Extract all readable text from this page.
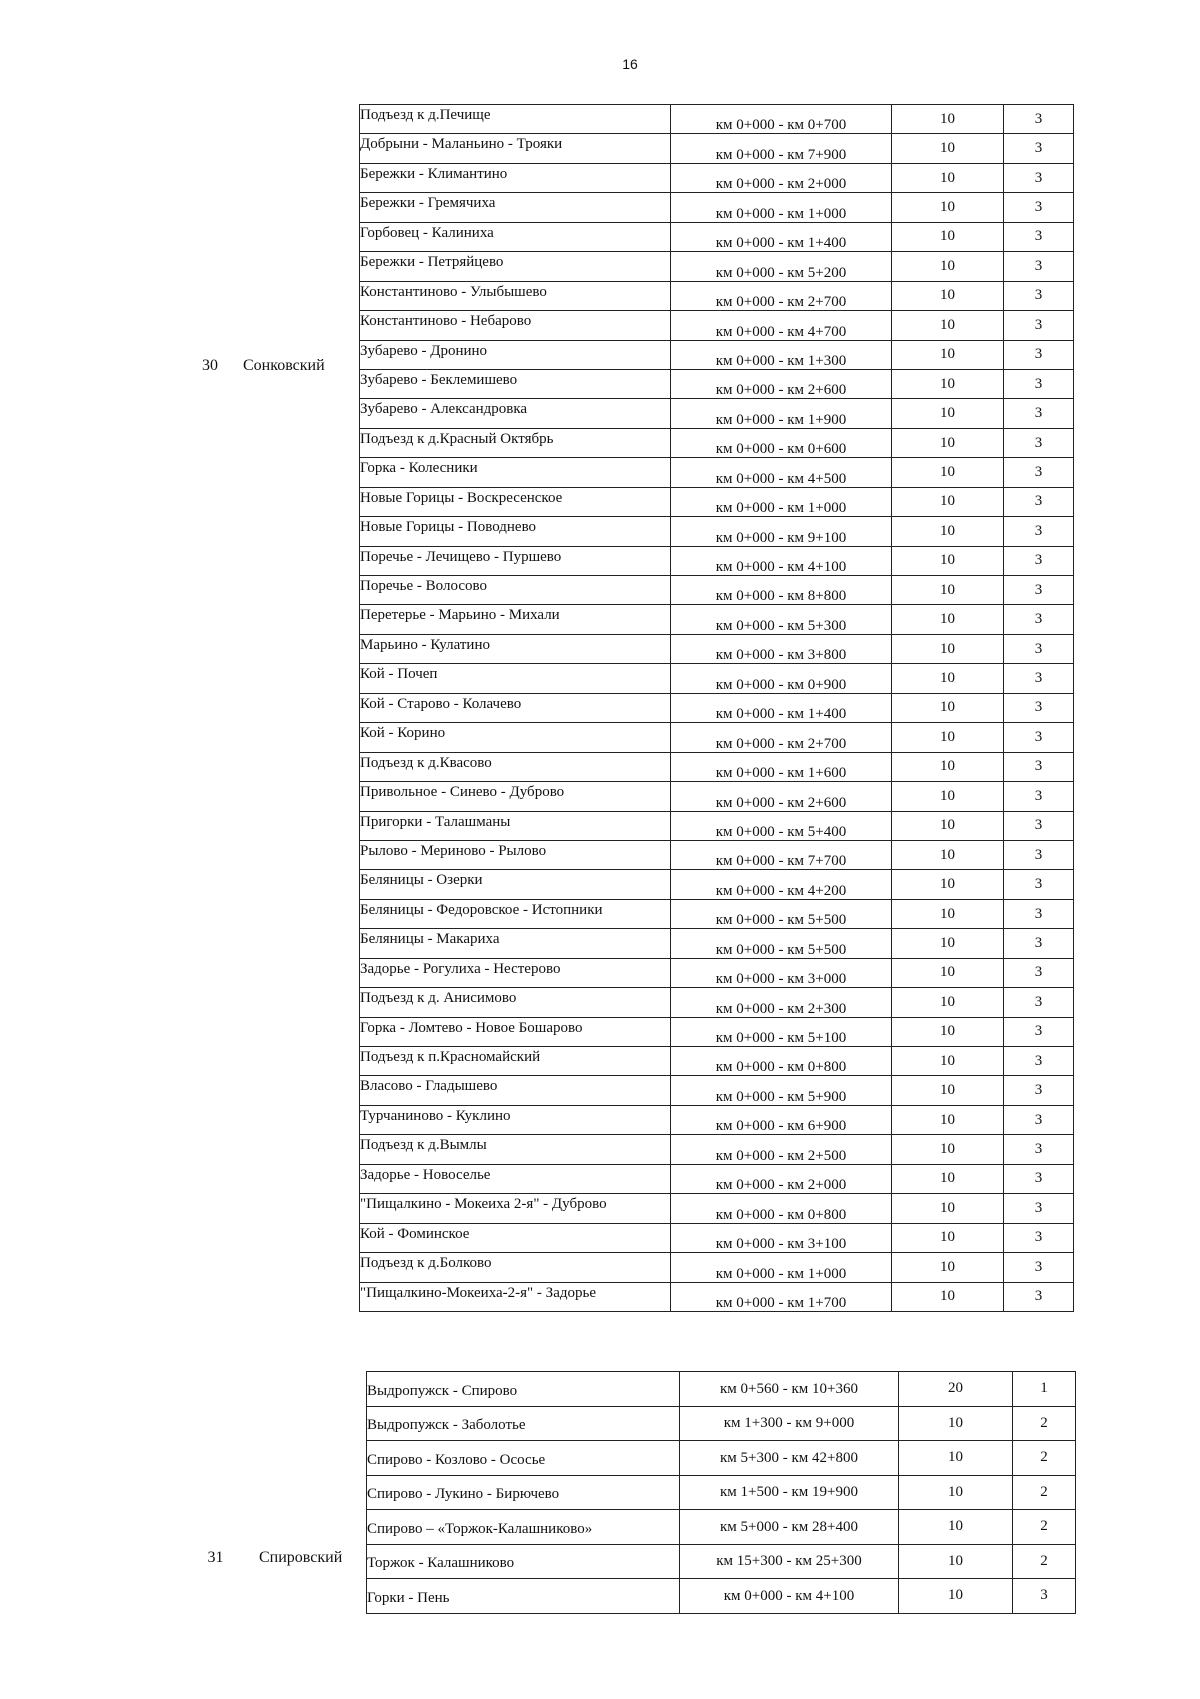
16
30	Сонковский
Подъезд к д.Печище	км 0+000 - км 0+700	10	3
Добрыни - Маланьино - Трояки	км 0+000 - км 7+900	10	3
Бережки - Климантино	км 0+000 - км 2+000	10	3
Бережки - Гремячиха	км 0+000 - км 1+000	10	3
Горбовец - Калиниха	км 0+000 - км 1+400	10	3
Бережки - Петряйцево	км 0+000 - км 5+200	10	3
Константиново - Улыбышево	км 0+000 - км 2+700	10	3
Константиново - Небарово	км 0+000 - км 4+700	10	3
Зубарево - Дронино	км 0+000 - км 1+300	10	3
Зубарево - Беклемишево	км 0+000 - км 2+600	10	3
Зубарево - Александровка	км 0+000 - км 1+900	10	3
Подъезд к д.Красный Октябрь	км 0+000 - км 0+600	10	3
Горка - Колесники	км 0+000 - км 4+500	10	3
Новые Горицы - Воскресенское	км 0+000 - км 1+000	10	3
Новые Горицы - Поводнево	км 0+000 - км 9+100	10	3
Поречье - Лечищево - Пуршево	км 0+000 - км 4+100	10	3
Поречье - Волосово	км 0+000 - км 8+800	10	3
Перетерье - Марьино - Михали	км 0+000 - км 5+300	10	3
Марьино - Кулатино	км 0+000 - км 3+800	10	3
Кой - Почеп	км 0+000 - км 0+900	10	3
Кой - Старово - Колачево	км 0+000 - км 1+400	10	3
Кой - Корино	км 0+000 - км 2+700	10	3
Подъезд к д.Квасово	км 0+000 - км 1+600	10	3
Привольное - Синево - Дуброво	км 0+000 - км 2+600	10	3
Пригорки - Талашманы	км 0+000 - км 5+400	10	3
Рылово - Мериново - Рылово	км 0+000 - км 7+700	10	3
Беляницы - Озерки	км 0+000 - км 4+200	10	3
Беляницы - Федоровское - Истопники	км 0+000 - км 5+500	10	3
Беляницы - Макариха	км 0+000 - км 5+500	10	3
Задорье - Рогулиха - Нестерово	км 0+000 - км 3+000	10	3
Подъезд к д. Анисимово	км 0+000 - км 2+300	10	3
Горка - Ломтево - Новое Бошарово	км 0+000 - км 5+100	10	3
Подъезд к п.Красномайский	км 0+000 - км 0+800	10	3
Власово - Гладышево	км 0+000 - км 5+900	10	3
Турчаниново - Куклино	км 0+000 - км 6+900	10	3
Подъезд к д.Вымлы	км 0+000 - км 2+500	10	3
Задорье - Новоселье	км 0+000 - км 2+000	10	3
"Пищалкино - Мокеиха 2-я" - Дуброво	км 0+000 - км 0+800	10	3
Кой - Фоминское	км 0+000 - км 3+100	10	3
Подъезд к д.Болково	км 0+000 - км 1+000	10	3
"Пищалкино-Мокеиха-2-я" - Задорье	км 0+000 - км 1+700	10	3
31	Спировский
Выдропужск - Спирово	км 0+560 - км 10+360	20	1
Выдропужск - Заболотье	км 1+300 - км 9+000	10	2
Спирово - Козлово - Ососье	км 5+300 - км 42+800	10	2
Спирово - Лукино - Бирючево	км 1+500 - км 19+900	10	2
Спирово – «Торжок-Калашниково»	км 5+000 - км 28+400	10	2
Торжок - Калашниково	км 15+300 - км 25+300	10	2
Горки - Пень	км 0+000 - км 4+100	10	3
